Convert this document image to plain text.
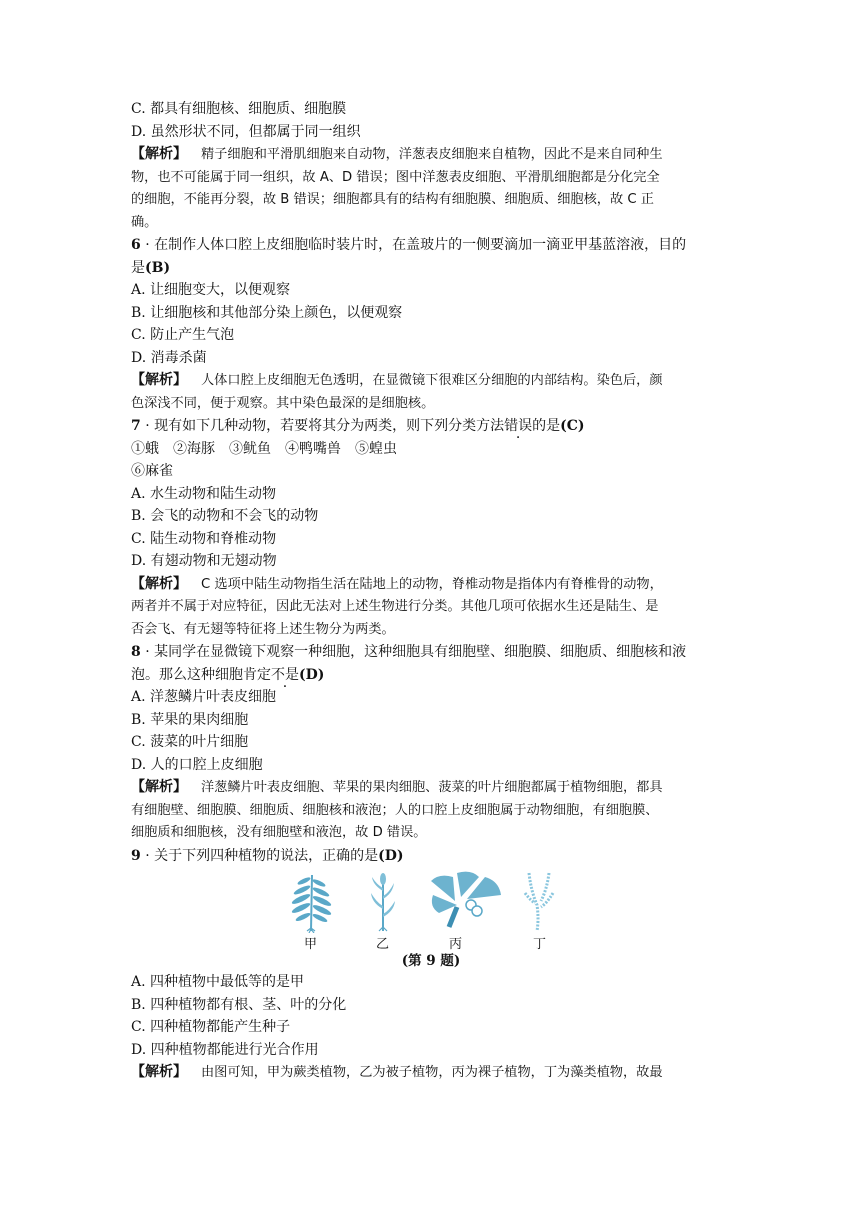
C. 都具有细胞核、细胞质、细胞膜
D. 虽然形状不同，但都属于同一组织
【解析】 精子细胞和平滑肌细胞来自动物，洋葱表皮细胞来自植物，因此不是来自同种生
物，也不可能属于同一组织，故 A、D 错误；图中洋葱表皮细胞、平滑肌细胞都是分化完全
的细胞，不能再分裂，故 B 错误；细胞都具有的结构有细胞膜、细胞质、细胞核，故 C 正
确。
6 · 在制作人体口腔上皮细胞临时装片时，在盖玻片的一侧要滴加一滴亚甲基蓝溶液，目的
是(B)
A. 让细胞变大，以便观察
B. 让细胞核和其他部分染上颜色，以便观察
C. 防止产生气泡
D. 消毒杀菌
【解析】 人体口腔上皮细胞无色透明，在显微镜下很难区分细胞的内部结构。染色后，颜
色深浅不同，便于观察。其中染色最深的是细胞核。
7 · 现有如下几种动物，若要将其分为两类，则下列分类方法错误的是(C)
①蛾 ②海豚 ③鱿鱼 ④鸭嘴兽 ⑤蝗虫
⑥麻雀
A. 水生动物和陆生动物
B. 会飞的动物和不会飞的动物
C. 陆生动物和脊椎动物
D. 有翅动物和无翅动物
【解析】 C 选项中陆生动物指生活在陆地上的动物，脊椎动物是指体内有脊椎骨的动物，
两者并不属于对应特征，因此无法对上述生物进行分类。其他几项可依据水生还是陆生、是
否会飞、有无翅等特征将上述生物分为两类。
8 · 某同学在显微镜下观察一种细胞，这种细胞具有细胞壁、细胞膜、细胞质、细胞核和液
泡。那么这种细胞肯定不是(D)
A. 洋葱鳞片叶表皮细胞
B. 苹果的果肉细胞
C. 菠菜的叶片细胞
D. 人的口腔上皮细胞
【解析】 洋葱鳞片叶表皮细胞、苹果的果肉细胞、菠菜的叶片细胞都属于植物细胞，都具
有细胞壁、细胞膜、细胞质、细胞核和液泡；人的口腔上皮细胞属于动物细胞，有细胞膜、
细胞质和细胞核，没有细胞壁和液泡，故 D 错误。
9 · 关于下列四种植物的说法，正确的是(D)
甲	乙	丙	丁
(第 9 题)
A. 四种植物中最低等的是甲
B. 四种植物都有根、茎、叶的分化
C. 四种植物都能产生种子
D. 四种植物都能进行光合作用
【解析】 由图可知，甲为蕨类植物，乙为被子植物，丙为裸子植物，丁为藻类植物，故最
